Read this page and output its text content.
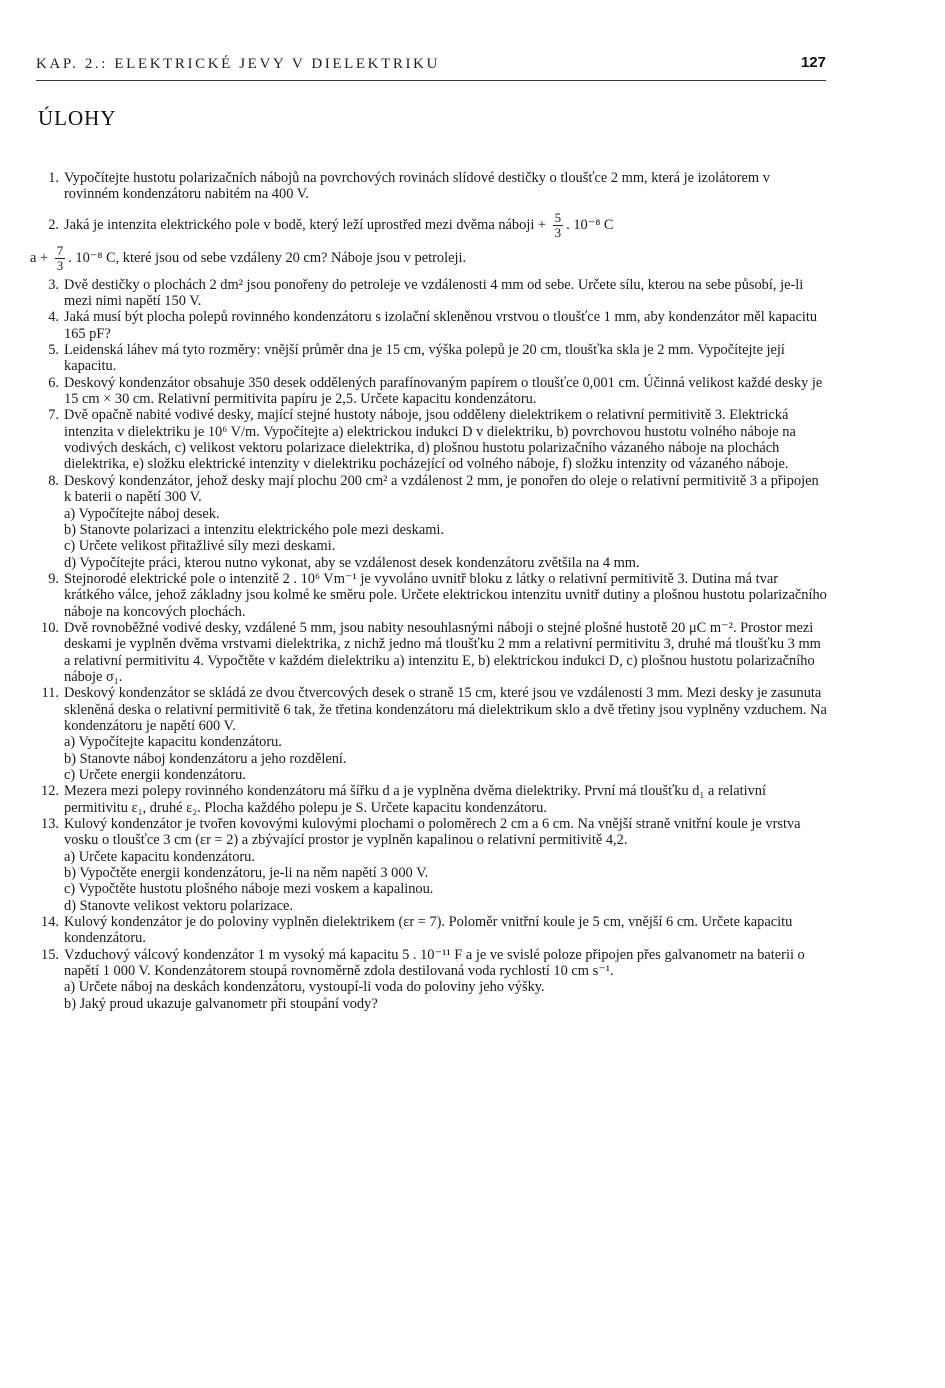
KAP. 2.: ELEKTRICKÉ JEVY V DIELEKTRIKU	127
ÚLOHY
1. Vypočítejte hustotu polarizačních nábojů na povrchových rovinách slídové destičky o tloušťce 2 mm, která je izolátorem v rovinném kondenzátoru nabitém na 400 V.
2. Jaká je intenzita elektrického pole v bodě, který leží uprostřed mezi dvěma náboji + $\frac{5}{3}$ . 10⁻⁸ C
$a + \frac{7}{3}$ . 10⁻⁸ C, které jsou od sebe vzdáleny 20 cm? Náboje jsou v petroleji.
3. Dvě destičky o plochách 2 dm² jsou ponořeny do petroleje ve vzdálenosti 4 mm od sebe. Určete sílu, kterou na sebe působí, je-li mezi nimi napětí 150 V.
4. Jaká musí být plocha polepů rovinného kondenzátoru s izolační skleněnou vrstvou o tloušťce 1 mm, aby kondenzátor měl kapacitu 165 pF?
5. Leidenská láhev má tyto rozměry: vnější průměr dna je 15 cm, výška polepů je 20 cm, tloušťka skla je 2 mm. Vypočítejte její kapacitu.
6. Deskový kondenzátor obsahuje 350 desek oddělených parafínovaným papírem o tloušťce 0,001 cm. Účinná velikost každé desky je 15 cm × 30 cm. Relativní permitivita papíru je 2,5. Určete kapacitu kondenzátoru.
7. Dvě opačně nabité vodivé desky, mající stejné hustoty náboje, jsou odděleny dielektrikem o relativní permitivitě 3. Elektrická intenzita v dielektriku je 10⁶ V/m. Vypočítejte a) elektrickou indukci D v dielektriku, b) povrchovou hustotu volného náboje na vodivých deskách, c) velikost vektoru polarizace dielektrika, d) plošnou hustotu polarizačního vázaného náboje na plochách dielektrika, e) složku elektrické intenzity v dielektriku pocházející od volného náboje, f) složku intenzity od vázaného náboje.
8. Deskový kondenzátor, jehož desky mají plochu 200 cm² a vzdálenost 2 mm, je ponořen do oleje o relativní permitivitě 3 a připojen k baterii o napětí 300 V.
a) Vypočítejte náboj desek.
b) Stanovte polarizaci a intenzitu elektrického pole mezi deskami.
c) Určete velikost přitažlivé síly mezi deskami.
d) Vypočítejte práci, kterou nutno vykonat, aby se vzdálenost desek kondenzátoru zvětšila na 4 mm.
9. Stejnorodé elektrické pole o intenzitě 2 . 10⁶ Vm⁻¹ je vyvoláno uvnitř bloku z látky o relativní permitivitě 3. Dutina má tvar krátkého válce, jehož základny jsou kolmé ke směru pole. Určete elektrickou intenzitu uvnitř dutiny a plošnou hustotu polarizačního náboje na koncových plochách.
10. Dvě rovnoběžné vodivé desky, vzdálené 5 mm, jsou nabity nesouhlasnými náboji o stejné plošné hustotě 20 μC m⁻². Prostor mezi deskami je vyplněn dvěma vrstvami dielektrika, z nichž jedno má tloušťku 2 mm a relativní permitivitu 3, druhé má tloušťku 3 mm a relativní permitivitu 4. Vypočtěte v každém dielektriku a) intenzitu E, b) elektrickou indukci D, c) plošnou hustotu polarizačního náboje σ₁.
11. Deskový kondenzátor se skládá ze dvou čtvercových desek o straně 15 cm, které jsou ve vzdálenosti 3 mm. Mezi desky je zasunuta skleněná deska o relativní permitivitě 6 tak, že třetina kondenzátoru má dielektrikum sklo a dvě třetiny jsou vyplněny vzduchem. Na kondenzátoru je napětí 600 V.
a) Vypočítejte kapacitu kondenzátoru.
b) Stanovte náboj kondenzátoru a jeho rozdělení.
c) Určete energii kondenzátoru.
12. Mezera mezi polepy rovinného kondenzátoru má šířku d a je vyplněna dvěma dielektriky. První má tloušťku d₁ a relativní permitivitu ε₁, druhé ε₂. Plocha každého polepu je S. Určete kapacitu kondenzátoru.
13. Kulový kondenzátor je tvořen kovovými kulovými plochami o poloměrech 2 cm a 6 cm. Na vnější straně vnitřní koule je vrstva vosku o tloušťce 3 cm (εr = 2) a zbývající prostor je vyplněn kapalinou o relativní permitivitě 4,2.
a) Určete kapacitu kondenzátoru.
b) Vypočtěte energii kondenzátoru, je-li na něm napětí 3 000 V.
c) Vypočtěte hustotu plošného náboje mezi voskem a kapalinou.
d) Stanovte velikost vektoru polarizace.
14. Kulový kondenzátor je do poloviny vyplněn dielektrikem (εr = 7). Poloměr vnitřní koule je 5 cm, vnější 6 cm. Určete kapacitu kondenzátoru.
15. Vzduchový válcový kondenzátor 1 m vysoký má kapacitu 5 . 10⁻¹¹ F a je ve svislé poloze připojen přes galvanometr na baterii o napětí 1 000 V. Kondenzátorem stoupá rovnoměrně zdola destilovaná voda rychlostí 10 cm s⁻¹.
a) Určete náboj na deskách kondenzátoru, vystoupí-li voda do poloviny jeho výšky.
b) Jaký proud ukazuje galvanometr při stoupání vody?
